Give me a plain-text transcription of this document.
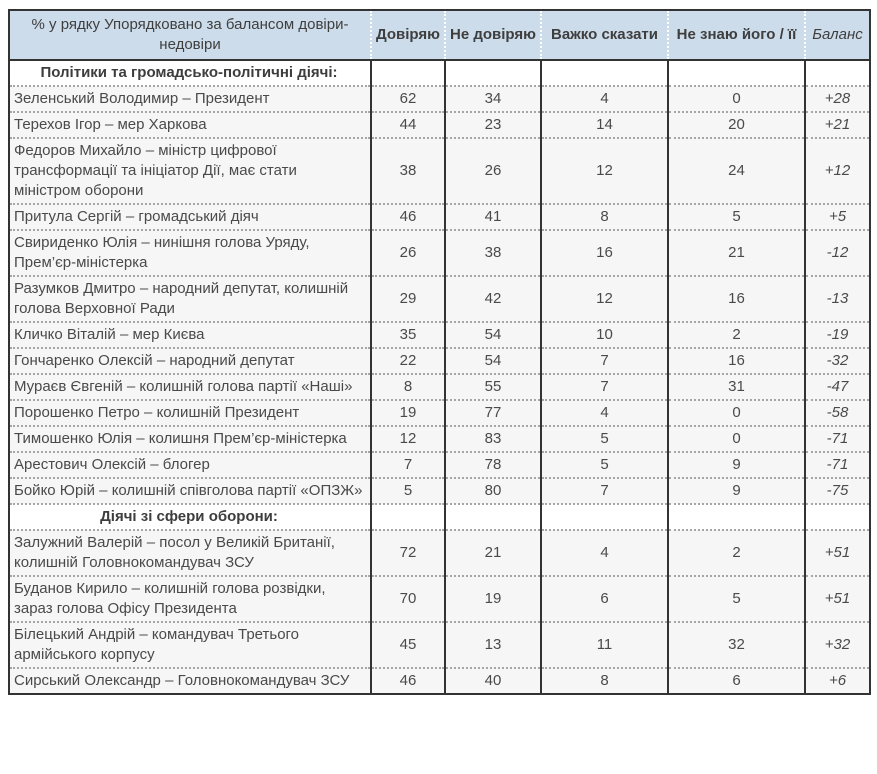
% у рядку Упорядковано за балансом довіри-недовіри	Довіряю	Не довіряю	Важко сказати	Не знаю його / її	Баланс
Політики та громадсько-політичні діячі:					
Зеленський Володимир – Президент	62	34	4	0	+28
Терехов Ігор – мер Харкова	44	23	14	20	+21
Федоров Михайло – міністр цифрової трансформації та ініціатор Дії, має стати міністром оборони	38	26	12	24	+12
Притула Сергій – громадський діяч	46	41	8	5	+5
Свириденко Юлія – нинішня голова Уряду, Прем’єр-міністерка	26	38	16	21	-12
Разумков Дмитро – народний депутат, колишній голова Верховної Ради	29	42	12	16	-13
Кличко Віталій – мер Києва	35	54	10	2	-19
Гончаренко Олексій – народний депутат	22	54	7	16	-32
Мураєв Євгеній – колишній голова партії «Наші»	8	55	7	31	-47
Порошенко Петро – колишній Президент	19	77	4	0	-58
Тимошенко Юлія – колишня Прем’єр-міністерка	12	83	5	0	-71
Арестович Олексій – блогер	7	78	5	9	-71
Бойко Юрій – колишній співголова партії «ОПЗЖ»	5	80	7	9	-75
Діячі зі сфери оборони:					
Залужний Валерій – посол у Великій Британії, колишній Головнокомандувач ЗСУ	72	21	4	2	+51
Буданов Кирило – колишній голова розвідки, зараз голова Офісу Президента	70	19	6	5	+51
Білецький Андрій – командувач Третього армійського корпусу	45	13	11	32	+32
Сирський Олександр – Головнокомандувач ЗСУ	46	40	8	6	+6
